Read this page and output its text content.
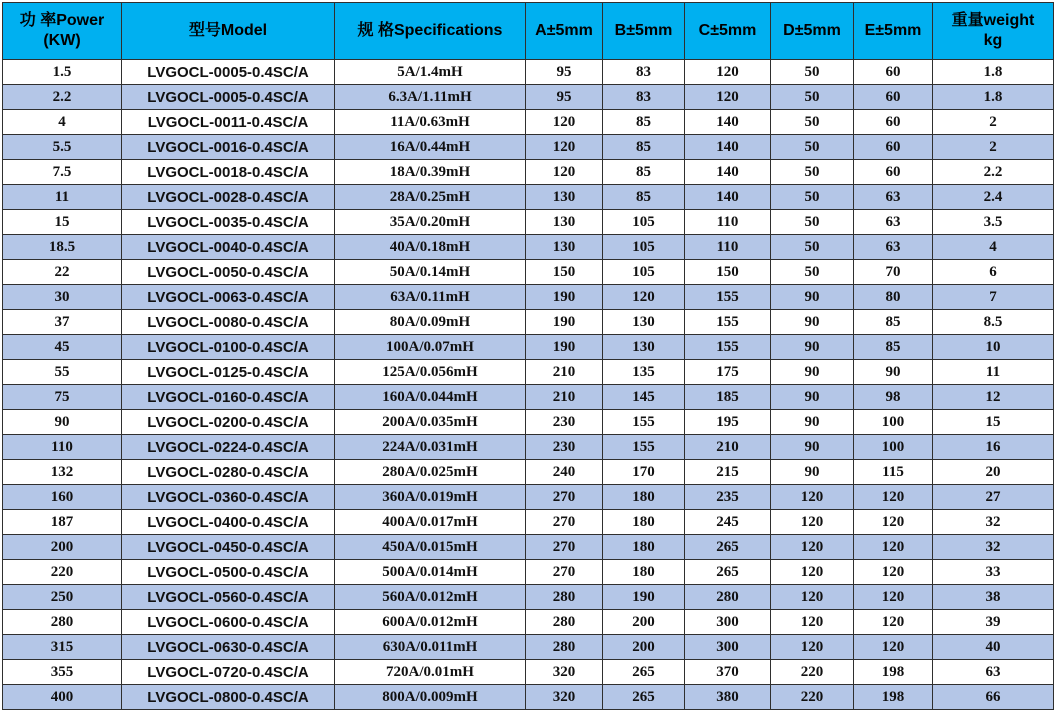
功 率Power
(KW)	型号Model	规 格Specifications	A±5mm	B±5mm	C±5mm	D±5mm	E±5mm	重量weight
kg
1.5	LVGOCL-0005-0.4SC/A	5A/1.4mH	95	83	120	50	60	1.8
2.2	LVGOCL-0005-0.4SC/A	6.3A/1.11mH	95	83	120	50	60	1.8
4	LVGOCL-0011-0.4SC/A	11A/0.63mH	120	85	140	50	60	2
5.5	LVGOCL-0016-0.4SC/A	16A/0.44mH	120	85	140	50	60	2
7.5	LVGOCL-0018-0.4SC/A	18A/0.39mH	120	85	140	50	60	2.2
11	LVGOCL-0028-0.4SC/A	28A/0.25mH	130	85	140	50	63	2.4
15	LVGOCL-0035-0.4SC/A	35A/0.20mH	130	105	110	50	63	3.5
18.5	LVGOCL-0040-0.4SC/A	40A/0.18mH	130	105	110	50	63	4
22	LVGOCL-0050-0.4SC/A	50A/0.14mH	150	105	150	50	70	6
30	LVGOCL-0063-0.4SC/A	63A/0.11mH	190	120	155	90	80	7
37	LVGOCL-0080-0.4SC/A	80A/0.09mH	190	130	155	90	85	8.5
45	LVGOCL-0100-0.4SC/A	100A/0.07mH	190	130	155	90	85	10
55	LVGOCL-0125-0.4SC/A	125A/0.056mH	210	135	175	90	90	11
75	LVGOCL-0160-0.4SC/A	160A/0.044mH	210	145	185	90	98	12
90	LVGOCL-0200-0.4SC/A	200A/0.035mH	230	155	195	90	100	15
110	LVGOCL-0224-0.4SC/A	224A/0.031mH	230	155	210	90	100	16
132	LVGOCL-0280-0.4SC/A	280A/0.025mH	240	170	215	90	115	20
160	LVGOCL-0360-0.4SC/A	360A/0.019mH	270	180	235	120	120	27
187	LVGOCL-0400-0.4SC/A	400A/0.017mH	270	180	245	120	120	32
200	LVGOCL-0450-0.4SC/A	450A/0.015mH	270	180	265	120	120	32
220	LVGOCL-0500-0.4SC/A	500A/0.014mH	270	180	265	120	120	33
250	LVGOCL-0560-0.4SC/A	560A/0.012mH	280	190	280	120	120	38
280	LVGOCL-0600-0.4SC/A	600A/0.012mH	280	200	300	120	120	39
315	LVGOCL-0630-0.4SC/A	630A/0.011mH	280	200	300	120	120	40
355	LVGOCL-0720-0.4SC/A	720A/0.01mH	320	265	370	220	198	63
400	LVGOCL-0800-0.4SC/A	800A/0.009mH	320	265	380	220	198	66
